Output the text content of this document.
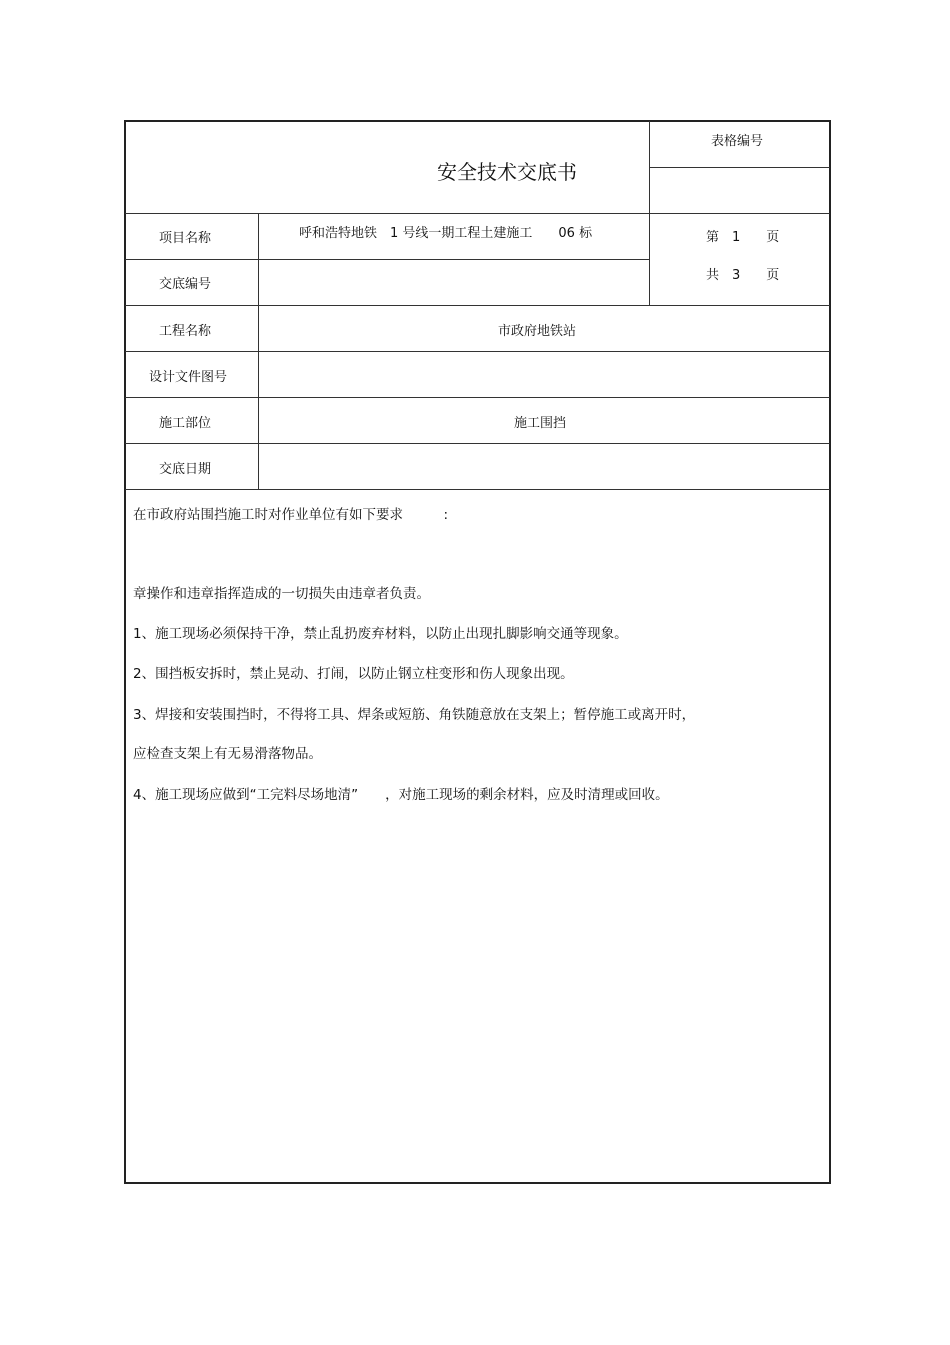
安全技术交底书
表格编号
项目名称
交底编号
工程名称
设计文件图号
施工部位
交底日期
呼和浩特地铁　1 号线一期工程土建施工　　06 标
市政府地铁站
施工围挡
第　1　　页
共　3　　页
在市政府站围挡施工时对作业单位有如下要求　　　:
章操作和违章指挥造成的一切损失由违章者负责。
1、施工现场必须保持干净，禁止乱扔废弃材料，以防止出现扎脚影响交通等现象。
2、围挡板安拆时，禁止晃动、打闹，以防止钢立柱变形和伤人现象出现。
3、焊接和安装围挡时，不得将工具、焊条或短筋、角铁随意放在支架上；暂停施工或离开时，
应检查支架上有无易滑落物品。
4、施工现场应做到“工完料尽场地清”　　，对施工现场的剩余材料，应及时清理或回收。
